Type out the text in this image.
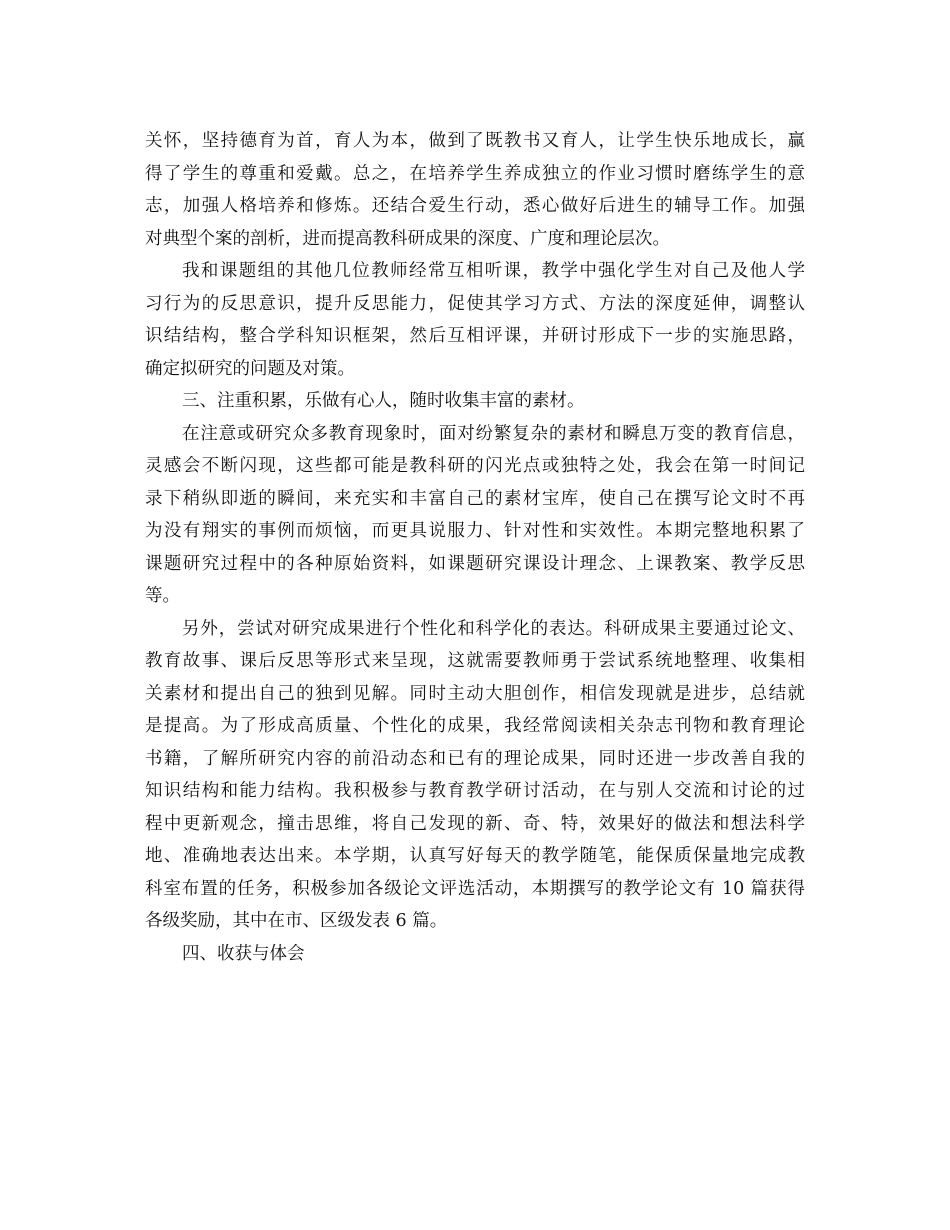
关怀，坚持德育为首，育人为本，做到了既教书又育人，让学生快乐地成长，赢
得了学生的尊重和爱戴。总之，在培养学生养成独立的作业习惯时磨练学生的意
志，加强人格培养和修炼。还结合爱生行动，悉心做好后进生的辅导工作。加强
对典型个案的剖析，进而提高教科研成果的深度、广度和理论层次。
我和课题组的其他几位教师经常互相听课，教学中强化学生对自己及他人学
习行为的反思意识，提升反思能力，促使其学习方式、方法的深度延伸，调整认
识结结构，整合学科知识框架，然后互相评课，并研讨形成下一步的实施思路，
确定拟研究的问题及对策。
三、注重积累，乐做有心人，随时收集丰富的素材。
在注意或研究众多教育现象时，面对纷繁复杂的素材和瞬息万变的教育信息，
灵感会不断闪现，这些都可能是教科研的闪光点或独特之处，我会在第一时间记
录下稍纵即逝的瞬间，来充实和丰富自己的素材宝库，使自己在撰写论文时不再
为没有翔实的事例而烦恼，而更具说服力、针对性和实效性。本期完整地积累了
课题研究过程中的各种原始资料，如课题研究课设计理念、上课教案、教学反思
等。
另外，尝试对研究成果进行个性化和科学化的表达。科研成果主要通过论文、
教育故事、课后反思等形式来呈现，这就需要教师勇于尝试系统地整理、收集相
关素材和提出自己的独到见解。同时主动大胆创作，相信发现就是进步，总结就
是提高。为了形成高质量、个性化的成果，我经常阅读相关杂志刊物和教育理论
书籍，了解所研究内容的前沿动态和已有的理论成果，同时还进一步改善自我的
知识结构和能力结构。我积极参与教育教学研讨活动，在与别人交流和讨论的过
程中更新观念，撞击思维，将自己发现的新、奇、特，效果好的做法和想法科学
地、准确地表达出来。本学期，认真写好每天的教学随笔，能保质保量地完成教
科室布置的任务，积极参加各级论文评选活动，本期撰写的教学论文有 10 篇获得
各级奖励，其中在市、区级发表 6 篇。
四、收获与体会
